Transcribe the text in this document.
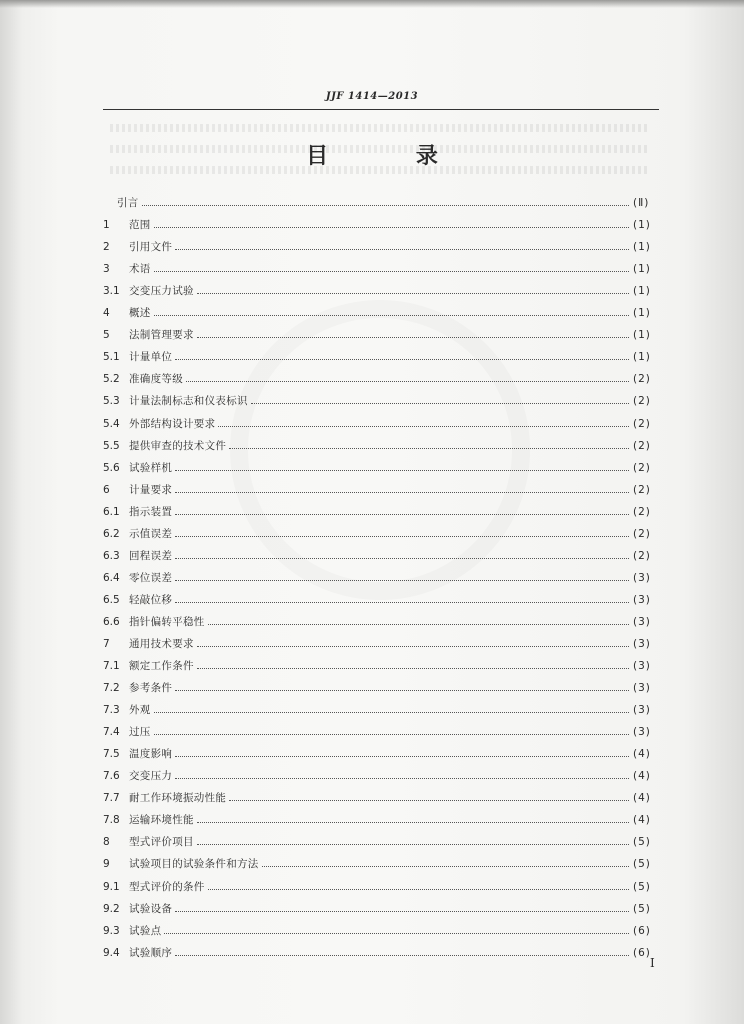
JJF 1414—2013
目 录
引言	(Ⅱ)
1	范围	(1)
2	引用文件	(1)
3	术语	(1)
3.1 交变压力试验	(1)
4	概述	(1)
5	法制管理要求	(1)
5.1 计量单位	(1)
5.2 准确度等级	(2)
5.3 计量法制标志和仪表标识	(2)
5.4 外部结构设计要求	(2)
5.5 提供审查的技术文件	(2)
5.6 试验样机	(2)
6	计量要求	(2)
6.1 指示装置	(2)
6.2 示值误差	(2)
6.3 回程误差	(2)
6.4 零位误差	(3)
6.5 轻敲位移	(3)
6.6 指针偏转平稳性	(3)
7	通用技术要求	(3)
7.1 额定工作条件	(3)
7.2 参考条件	(3)
7.3 外观	(3)
7.4 过压	(3)
7.5 温度影响	(4)
7.6 交变压力	(4)
7.7 耐工作环境振动性能	(4)
7.8 运输环境性能	(4)
8	型式评价项目	(5)
9	试验项目的试验条件和方法	(5)
9.1 型式评价的条件	(5)
9.2 试验设备	(5)
9.3 试验点	(6)
9.4 试验顺序	(6)
I
